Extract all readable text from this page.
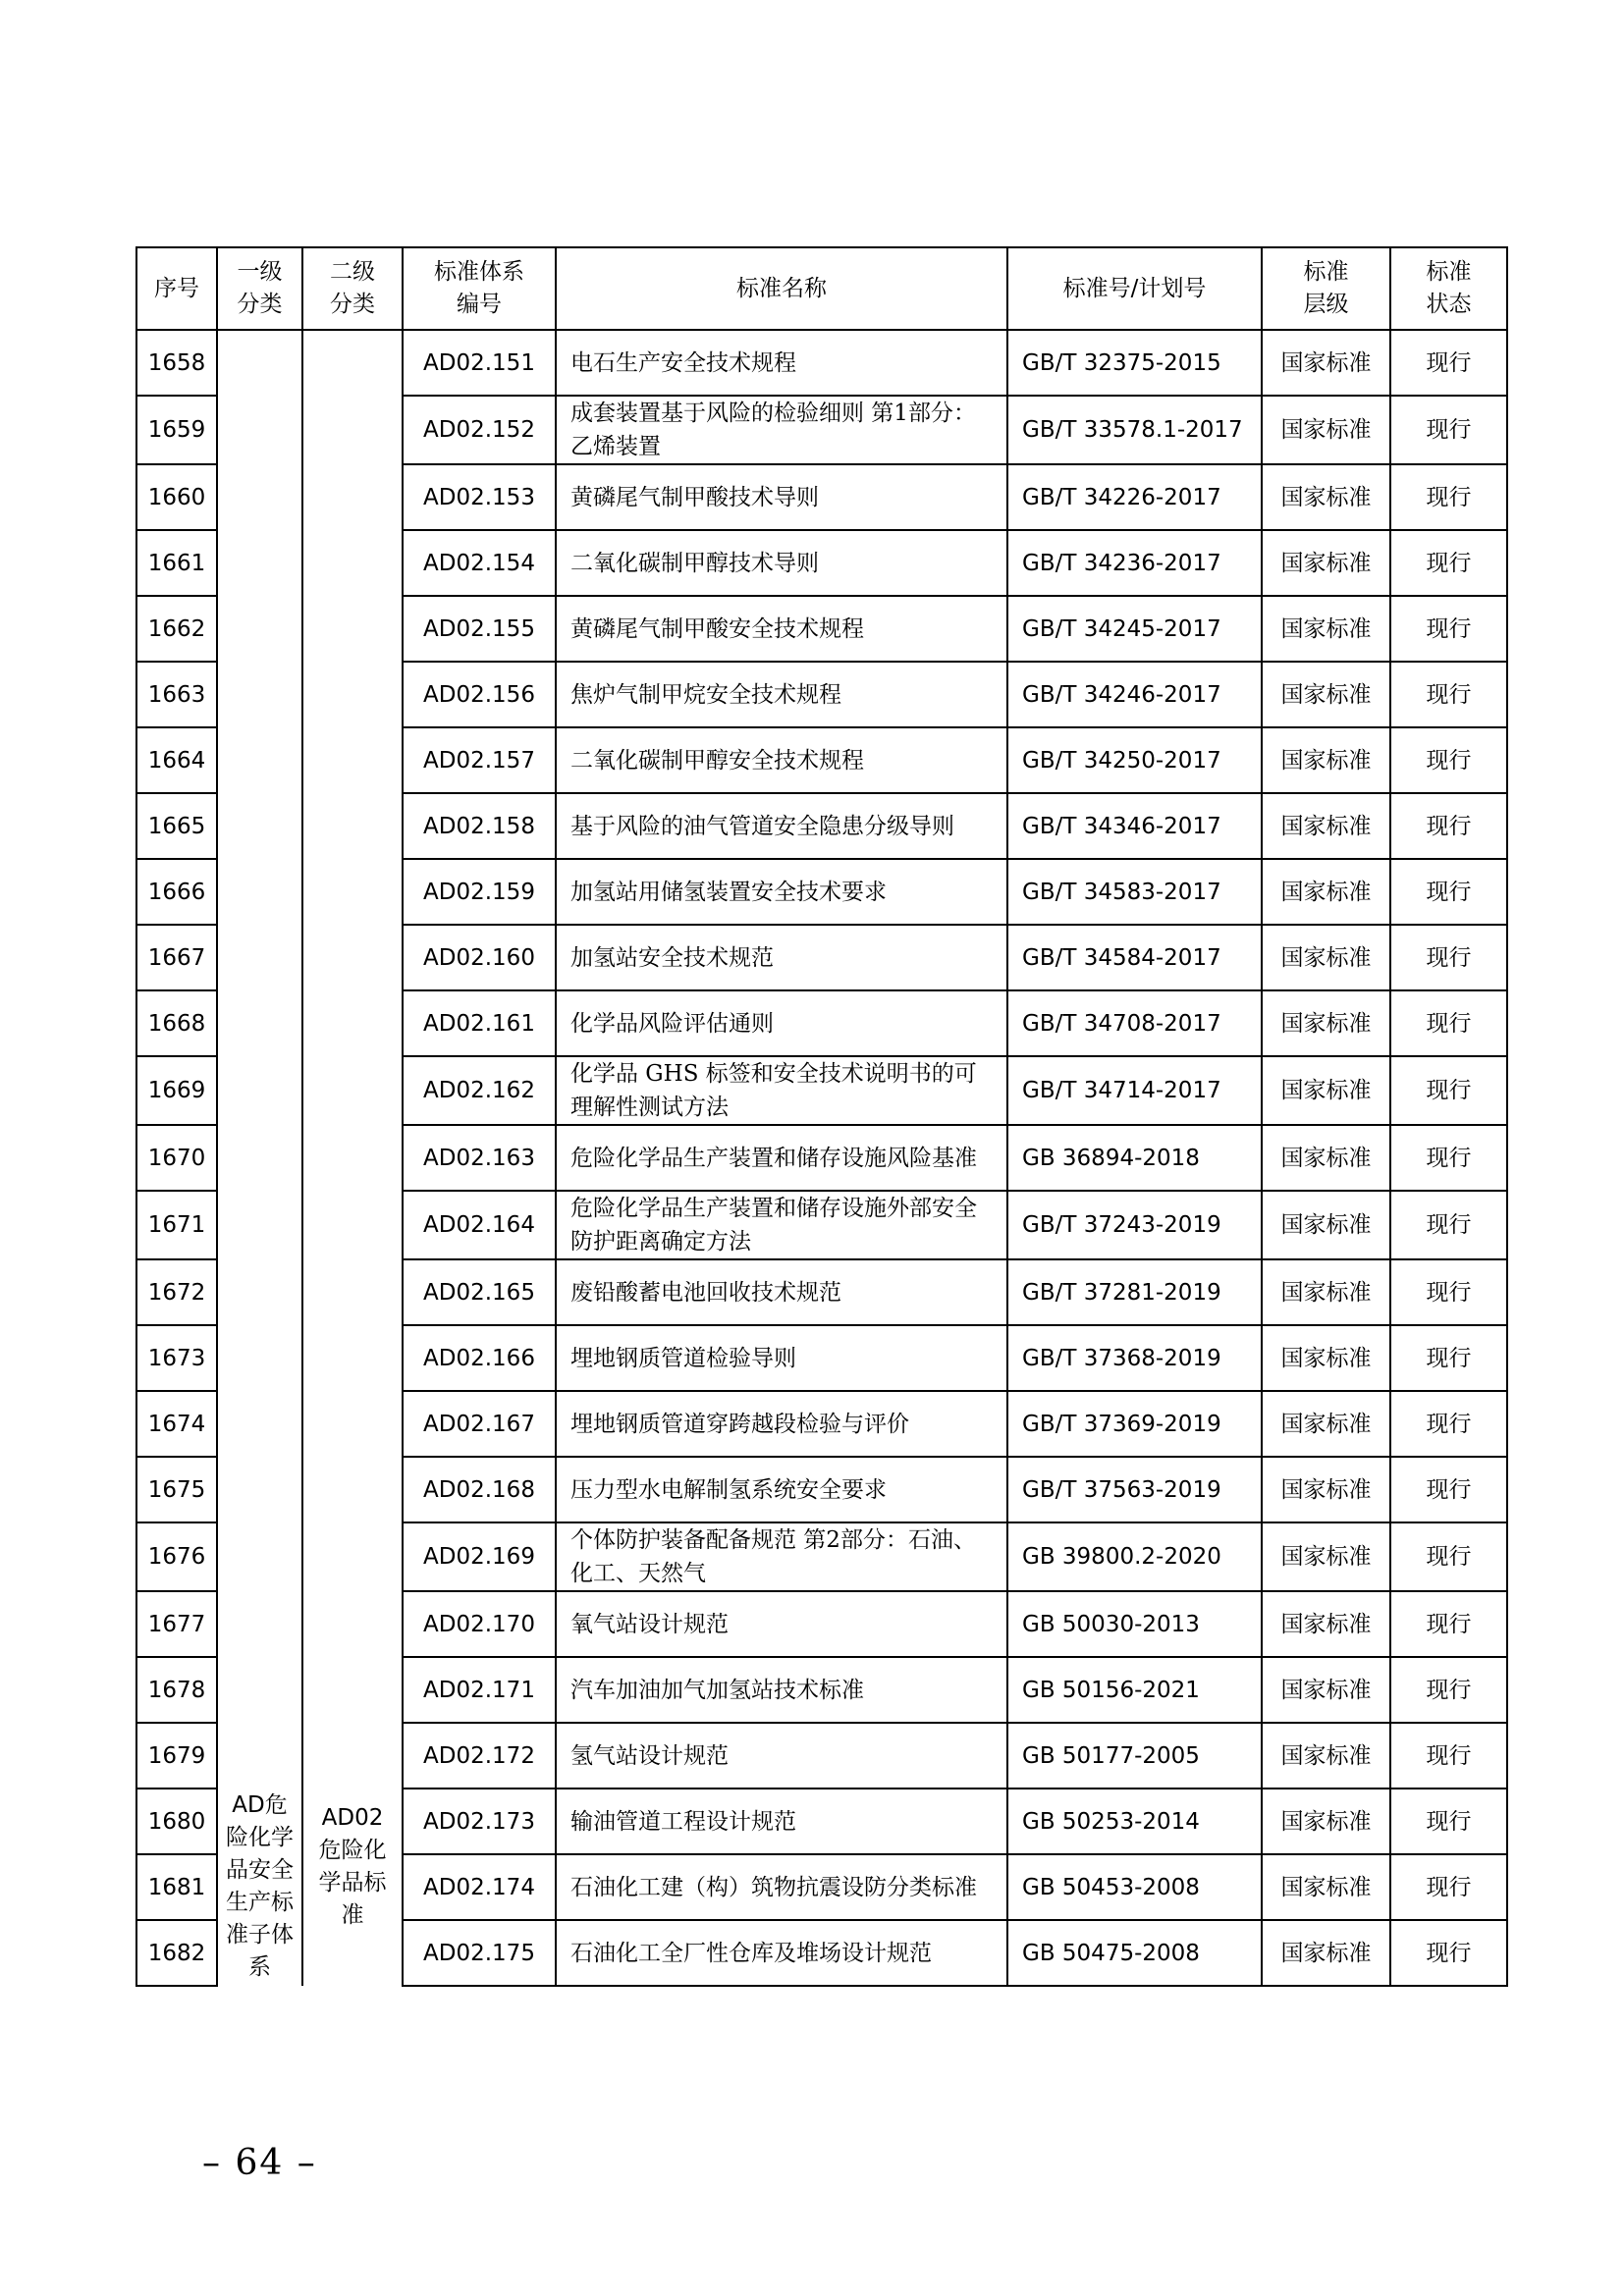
序号	一级分类	二级分类	标准体系编号	标准名称	标准号/计划号	标准层级	标准状态

1658	AD危险化学品安全生产标准子体系	AD02危险化学品标准	AD02.151	电石生产安全技术规程	GB/T 32375-2015	国家标准	现行
1659			AD02.152	成套装置基于风险的检验细则 第1部分：乙烯装置	GB/T 33578.1-2017	国家标准	现行
1660			AD02.153	黄磷尾气制甲酸技术导则	GB/T 34226-2017	国家标准	现行
1661			AD02.154	二氧化碳制甲醇技术导则	GB/T 34236-2017	国家标准	现行
1662			AD02.155	黄磷尾气制甲酸安全技术规程	GB/T 34245-2017	国家标准	现行
1663			AD02.156	焦炉气制甲烷安全技术规程	GB/T 34246-2017	国家标准	现行
1664			AD02.157	二氧化碳制甲醇安全技术规程	GB/T 34250-2017	国家标准	现行
1665			AD02.158	基于风险的油气管道安全隐患分级导则	GB/T 34346-2017	国家标准	现行
1666			AD02.159	加氢站用储氢装置安全技术要求	GB/T 34583-2017	国家标准	现行
1667			AD02.160	加氢站安全技术规范	GB/T 34584-2017	国家标准	现行
1668			AD02.161	化学品风险评估通则	GB/T 34708-2017	国家标准	现行
1669			AD02.162	化学品 GHS 标签和安全技术说明书的可理解性测试方法	GB/T 34714-2017	国家标准	现行
1670			AD02.163	危险化学品生产装置和储存设施风险基准	GB 36894-2018	国家标准	现行
1671			AD02.164	危险化学品生产装置和储存设施外部安全防护距离确定方法	GB/T 37243-2019	国家标准	现行
1672			AD02.165	废铅酸蓄电池回收技术规范	GB/T 37281-2019	国家标准	现行
1673			AD02.166	埋地钢质管道检验导则	GB/T 37368-2019	国家标准	现行
1674			AD02.167	埋地钢质管道穿跨越段检验与评价	GB/T 37369-2019	国家标准	现行
1675			AD02.168	压力型水电解制氢系统安全要求	GB/T 37563-2019	国家标准	现行
1676			AD02.169	个体防护装备配备规范 第2部分：石油、化工、天然气	GB 39800.2-2020	国家标准	现行
1677			AD02.170	氧气站设计规范	GB 50030-2013	国家标准	现行
1678			AD02.171	汽车加油加气加氢站技术标准	GB 50156-2021	国家标准	现行
1679			AD02.172	氢气站设计规范	GB 50177-2005	国家标准	现行
1680			AD02.173	输油管道工程设计规范	GB 50253-2014	国家标准	现行
1681			AD02.174	石油化工建（构）筑物抗震设防分类标准	GB 50453-2008	国家标准	现行
1682			AD02.175	石油化工全厂性仓库及堆场设计规范	GB 50475-2008	国家标准	现行
– 64 –
